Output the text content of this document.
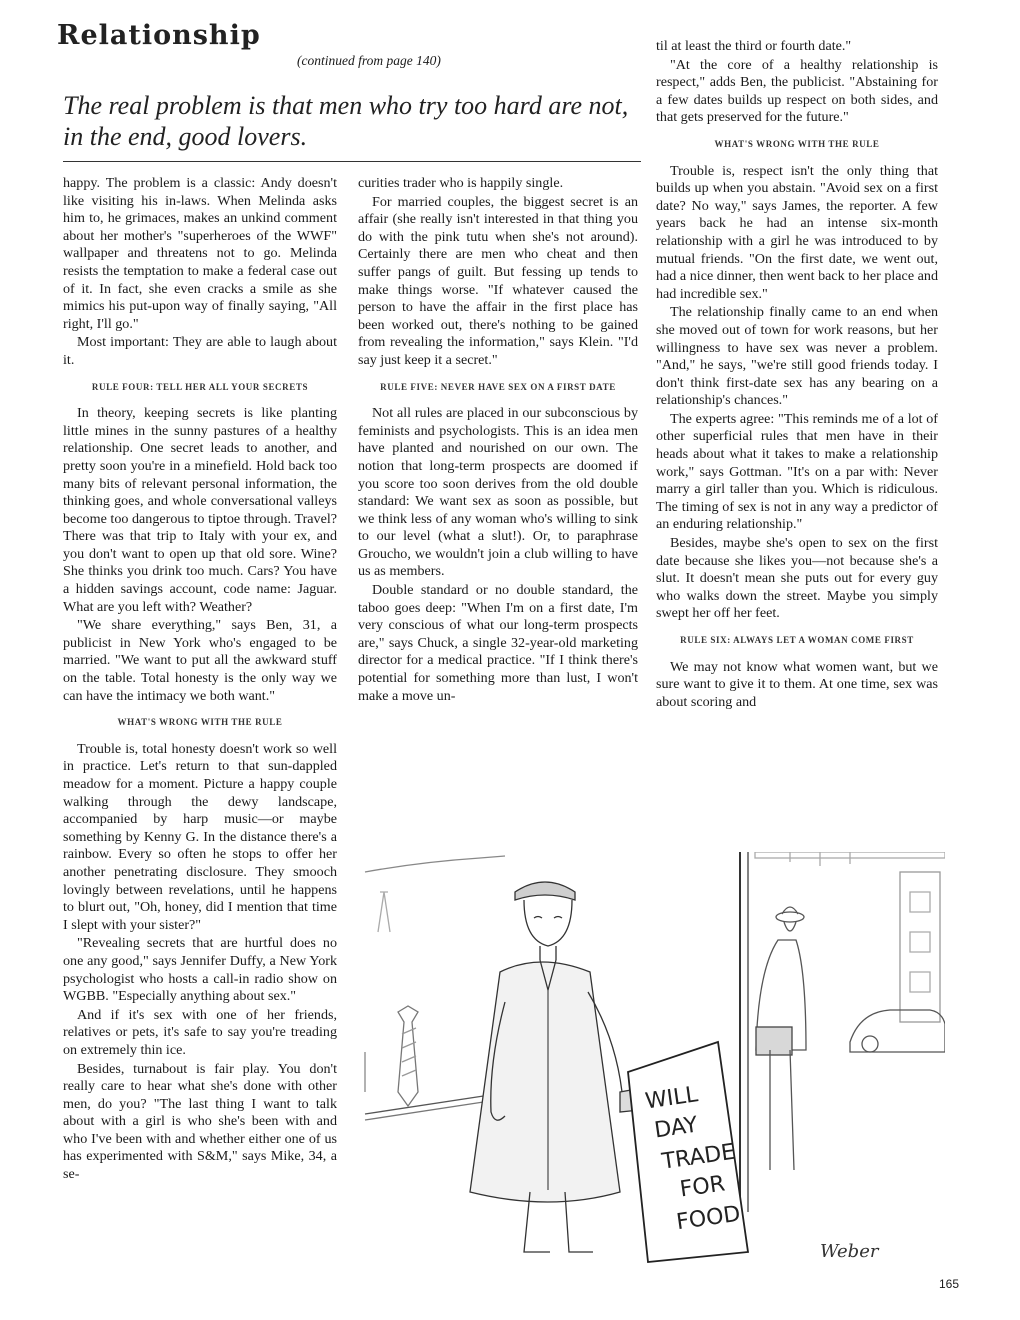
Relationship
(continued from page 140)
The real problem is that men who try too hard are not, in the end, good lovers.

happy. The problem is a classic: Andy doesn't like visiting his in-laws. When Melinda asks him to, he grimaces, makes an unkind comment about her mother's "superheroes of the WWF" wallpaper and threatens not to go. Melinda resists the temptation to make a federal case out of it. In fact, she even cracks a smile as she mimics his put-upon way of finally saying, "All right, I'll go."

Most important: They are able to laugh about it.

RULE FOUR: TELL HER ALL YOUR SECRETS

In theory, keeping secrets is like planting little mines in the sunny pastures of a healthy relationship. One secret leads to another, and pretty soon you're in a minefield. Hold back too many bits of relevant personal information, the thinking goes, and whole conversational valleys become too dangerous to tiptoe through. Travel? There was that trip to Italy with your ex, and you don't want to open up that old sore. Wine? She thinks you drink too much. Cars? You have a hidden savings account, code name: Jaguar. What are you left with? Weather?

"We share everything," says Ben, 31, a publicist in New York who's engaged to be married. "We want to put all the awkward stuff on the table. Total honesty is the only way we can have the intimacy we both want."

WHAT'S WRONG WITH THE RULE

Trouble is, total honesty doesn't work so well in practice. Let's return to that sun-dappled meadow for a moment. Picture a happy couple walking through the dewy landscape, accompanied by harp music—or maybe something by Kenny G. In the distance there's a rainbow. Every so often he stops to offer her another penetrating disclosure. They smooch lovingly between revelations, until he happens to blurt out, "Oh, honey, did I mention that time I slept with your sister?"

"Revealing secrets that are hurtful does no one any good," says Jennifer Duffy, a New York psychologist who hosts a call-in radio show on WGBB. "Especially anything about sex."

And if it's sex with one of her friends, relatives or pets, it's safe to say you're treading on extremely thin ice.

Besides, turnabout is fair play. You don't really care to hear what she's done with other men, do you? "The last thing I want to talk about with a girl is who she's been with and who I've been with and whether either one of us has experimented with S&M," says Mike, 34, a se-

curities trader who is happily single.

For married couples, the biggest secret is an affair (she really isn't interested in that thing you do with the pink tutu when she's not around). Certainly there are men who cheat and then suffer pangs of guilt. But fessing up tends to make things worse. "If whatever caused the person to have the affair in the first place has been worked out, there's nothing to be gained from revealing the information," says Klein. "I'd say just keep it a secret."

RULE FIVE: NEVER HAVE SEX ON A FIRST DATE

Not all rules are placed in our subconscious by feminists and psychologists. This is an idea men have planted and nourished on our own. The notion that long-term prospects are doomed if you score too soon derives from the old double standard: We want sex as soon as possible, but we think less of any woman who's willing to sink to our level (what a slut!). Or, to paraphrase Groucho, we wouldn't join a club willing to have us as members.

Double standard or no double standard, the taboo goes deep: "When I'm on a first date, I'm very conscious of what our long-term prospects are," says Chuck, a single 32-year-old marketing director for a medical practice. "If I think there's potential for something more than lust, I won't make a move un-

til at least the third or fourth date."

"At the core of a healthy relationship is respect," adds Ben, the publicist. "Abstaining for a few dates builds up respect on both sides, and that gets preserved for the future."

WHAT'S WRONG WITH THE RULE

Trouble is, respect isn't the only thing that builds up when you abstain. "Avoid sex on a first date? No way," says James, the reporter. A few years back he had an intense six-month relationship with a girl he was introduced to by mutual friends. "On the first date, we went out, had a nice dinner, then went back to her place and had incredible sex."

The relationship finally came to an end when she moved out of town for work reasons, but her willingness to have sex was never a problem. "And," he says, "we're still good friends today. I don't think first-date sex has any bearing on a relationship's chances."

The experts agree: "This reminds me of a lot of other superficial rules that men have in their heads about what it takes to make a relationship work," says Gottman. "It's on a par with: Never marry a girl taller than you. Which is ridiculous. The timing of sex is not in any way a predictor of an enduring relationship."

Besides, maybe she's open to sex on the first date because she likes you—not because she's a slut. It doesn't mean she puts out for every guy who walks down the street. Maybe you simply swept her off her feet.

RULE SIX: ALWAYS LET A WOMAN COME FIRST

We may not know what women want, but we sure want to give it to them. At one time, sex was about scoring and

WILL
DAY
TRADE
FOR
FOOD
Weber
165
